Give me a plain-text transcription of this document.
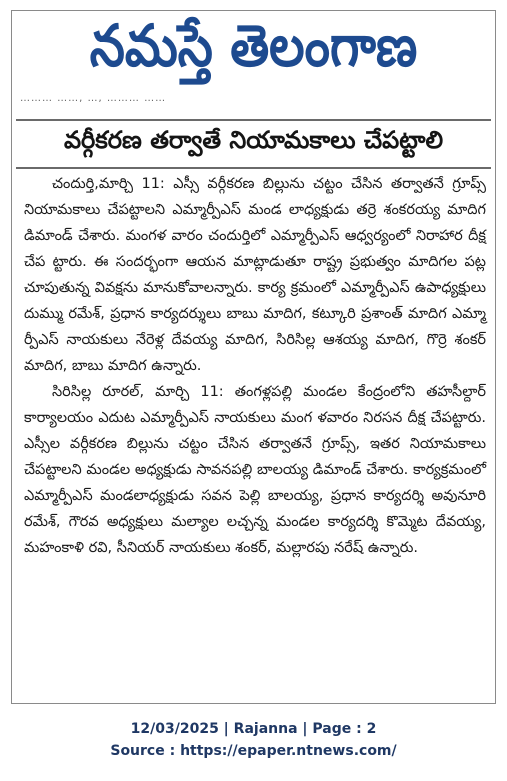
నమస్తే తెలంగాణ
……… ……, …, ……… ……
వర్గీకరణ తర్వాతే నియామకాలు చేపట్టాలి

చందుర్తి,మార్చి 11: ఎస్సీ వర్గీకరణ బిల్లును చట్టం చేసిన తర్వాతనే గ్రూప్స్ నియామకాలు చేపట్టాలని ఎమ్మార్పీఎస్ మండ లాధ్యక్షుడు తర్రె శంకరయ్య మాదిగ డిమాండ్ చేశారు. మంగళ వారం చందుర్తిలో ఎమ్మార్పీఎస్ ఆధ్వర్యంలో నిరాహార దీక్ష చేప ట్టారు. ఈ సందర్భంగా ఆయన మాట్లాడుతూ రాష్ట్ర ప్రభుత్వం మాదిగల పట్ల చూపుతున్న వివక్షను మానుకోవాలన్నారు. కార్య క్రమంలో ఎమ్మార్పీఎస్ ఉపాధ్యక్షులు దుమ్ము రమేశ్, ప్రధాన కార్యదర్శులు బాబు మాదిగ, కట్కూరి ప్రశాంత్ మాదిగ ఎమ్మా ర్పీఎస్ నాయకులు నేరెళ్ల దేవయ్య మాదిగ, సిరిసిల్ల ఆశయ్య మాదిగ, గొర్రె శంకర్ మాదిగ, బాబు మాదిగ ఉన్నారు.

సిరిసిల్ల రూరల్, మార్చి 11: తంగళ్లపల్లి మండల కేంద్రంలోని తహసీల్దార్ కార్యాలయం ఎదుట ఎమ్మార్పీఎస్ నాయకులు మంగ ళవారం నిరసన దీక్ష చేపట్టారు. ఎస్సీల వర్గీకరణ బిల్లును చట్టం చేసిన తర్వాతనే గ్రూప్స్, ఇతర నియామకాలు చేపట్టాలని మండల అధ్యక్షుడు సావనపల్లి బాలయ్య డిమాండ్ చేశారు. కార్యక్రమంలో ఎమ్మార్పీఎస్ మండలాధ్యక్షుడు సవన పెల్లి బాలయ్య, ప్రధాన కార్యదర్శి అవునూరి రమేశ్, గౌరవ అధ్యక్షులు మల్యాల లచ్చన్న మండల కార్యదర్శి కొమ్మెట దేవయ్య, మహంకాళి రవి, సీనియర్ నాయకులు శంకర్, మల్లారపు నరేష్ ఉన్నారు.

12/03/2025 | Rajanna | Page : 2
Source : https://epaper.ntnews.com/
